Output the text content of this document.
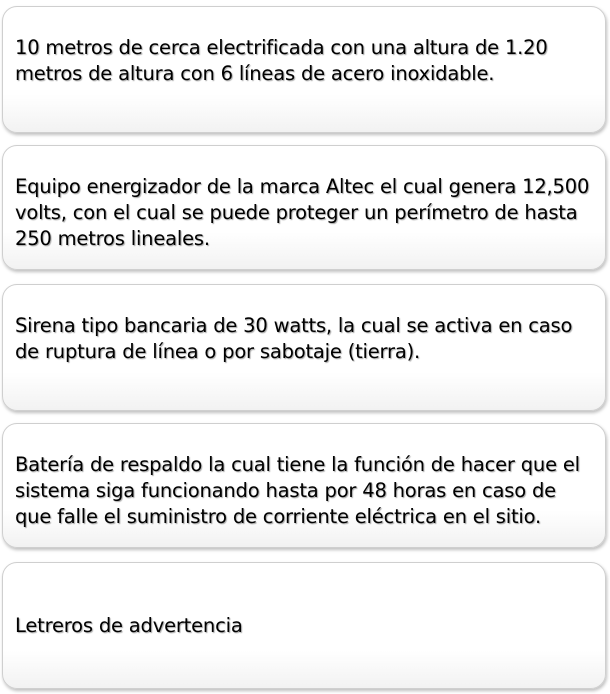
10 metros de cerca electrificada con una altura de 1.20 metros de altura con 6 líneas de acero inoxidable.
Equipo energizador de la marca Altec el cual genera 12,500 volts, con el cual se puede proteger un perímetro de hasta 250 metros lineales.
Sirena tipo bancaria de 30 watts, la cual se activa en caso de ruptura de línea o por sabotaje (tierra).
Batería de respaldo la cual tiene la función de hacer que el sistema siga funcionando hasta por 48 horas en caso de que falle el suministro de corriente eléctrica en el sitio.
Letreros de advertencia
